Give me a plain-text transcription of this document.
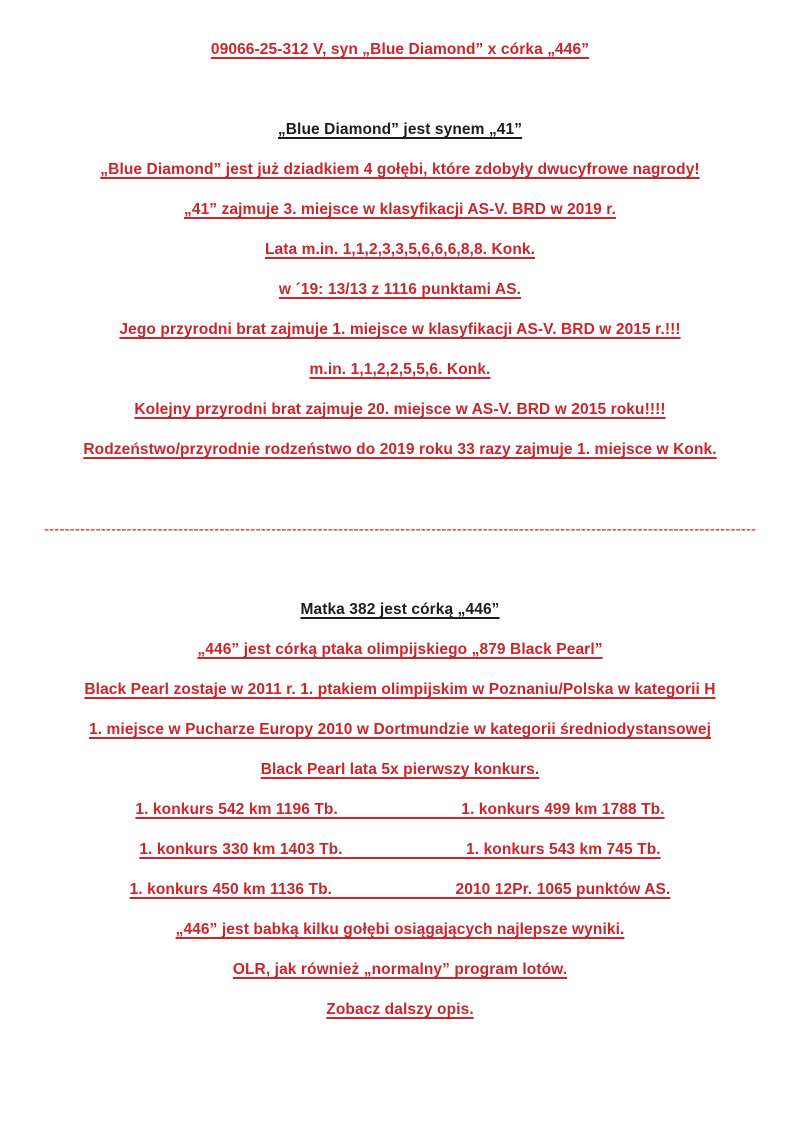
09066-25-312 V, syn „Blue Diamond” x córka „446”
„Blue Diamond” jest synem „41”
„Blue Diamond” jest już dziadkiem 4 gołębi, które zdobyły dwucyfrowe nagrody!
„41” zajmuje 3. miejsce w klasyfikacji AS-V. BRD w 2019 r.
Lata m.in. 1,1,2,3,3,5,6,6,6,8,8. Konk.
w ´19: 13/13 z 1116 punktami AS.
Jego przyrodni brat zajmuje 1. miejsce w klasyfikacji AS-V. BRD w 2015 r.!!!
m.in. 1,1,2,2,5,5,6. Konk.
Kolejny przyrodni brat zajmuje 20. miejsce w AS-V. BRD w 2015 roku!!!!
Rodzeństwo/przyrodnie rodzeństwo do 2019 roku 33 razy zajmuje 1. miejsce w Konk.
------------------------------------------------------------------------------------------------------------------------------------------
Matka 382 jest córką „446”
„446” jest córką ptaka olimpijskiego „879 Black Pearl”
Black Pearl zostaje w 2011 r. 1. ptakiem olimpijskim w Poznaniu/Polska w kategorii H
1. miejsce w Pucharze Europy 2010 w Dortmundzie w kategorii średniodystansowej
Black Pearl lata 5x pierwszy konkurs.
1. konkurs 542 km 1196 Tb.	1. konkurs 499 km 1788 Tb.
1. konkurs 330 km 1403 Tb.	1. konkurs 543 km 745 Tb.
1. konkurs 450 km 1136 Tb.	2010 12Pr. 1065 punktów AS.
„446” jest babką kilku gołębi osiągających najlepsze wyniki.
OLR, jak również „normalny” program lotów.
Zobacz dalszy opis.
